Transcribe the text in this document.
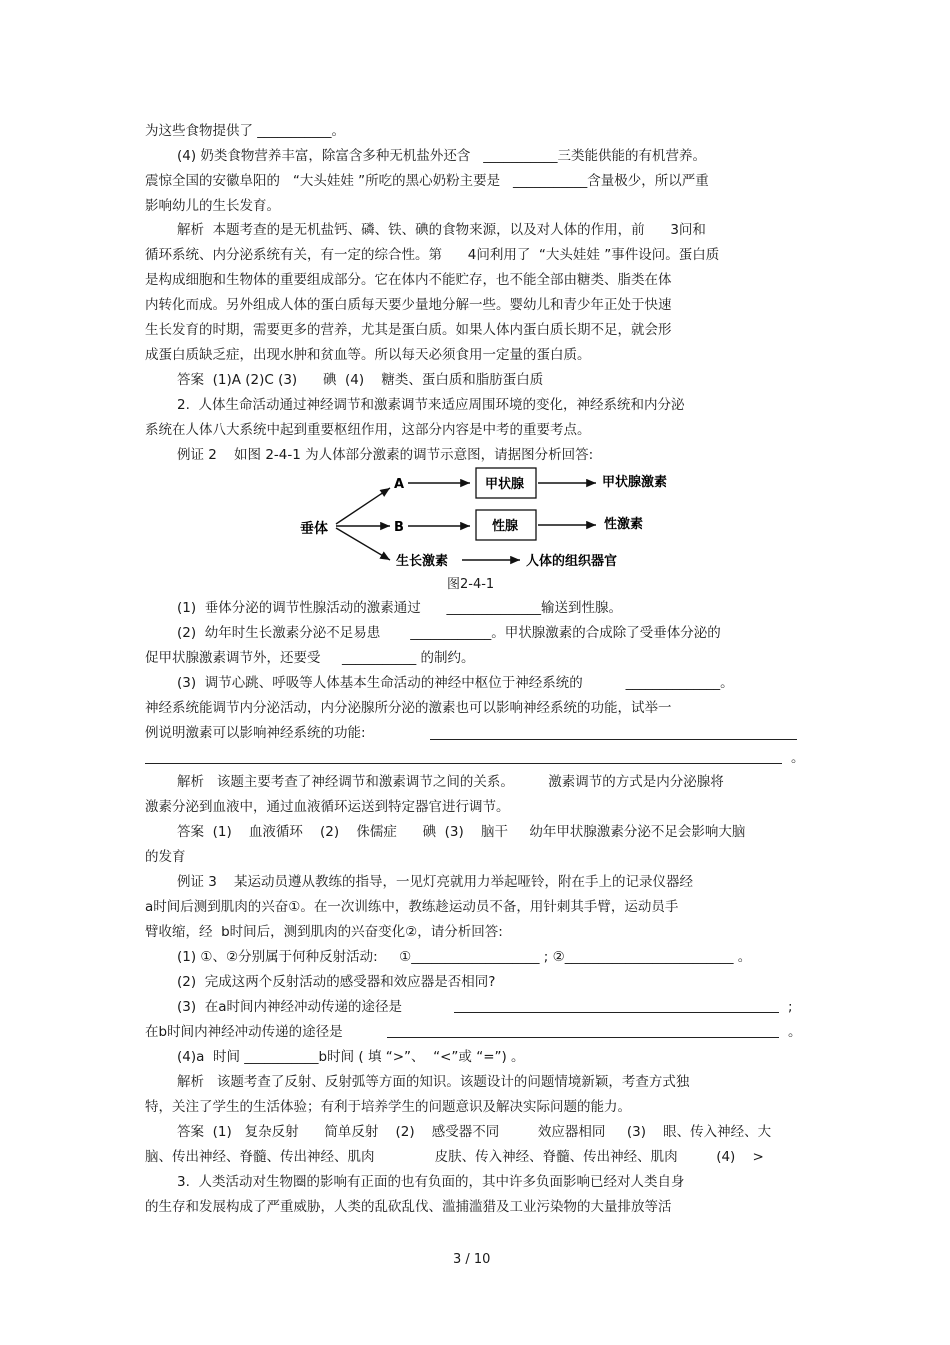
为这些食物提供了 ___________。
(4) 奶类食物营养丰富，除富含多种无机盐外还含   ___________三类能供能的有机营养。
震惊全国的安徽阜阳的   “大头娃娃 ”所吃的黑心奶粉主要是   ___________含量极少，所以严重
影响幼儿的生长发育。
解析  本题考查的是无机盐钙、磷、铁、碘的食物来源，以及对人体的作用，前      3问和
循环系统、内分泌系统有关，有一定的综合性。第      4问利用了  “大头娃娃 ”事件设问。蛋白质
是构成细胞和生物体的重要组成部分。它在体内不能贮存，也不能全部由糖类、脂类在体
内转化而成。另外组成人体的蛋白质每天要少量地分解一些。婴幼儿和青少年正处于快速
生长发育的时期，需要更多的营养，尤其是蛋白质。如果人体内蛋白质长期不足，就会形
成蛋白质缺乏症，出现水肿和贫血等。所以每天必须食用一定量的蛋白质。
答案  (1)A (2)C (3)      碘  (4)    糖类、蛋白质和脂肪蛋白质
2.  人体生命活动通过神经调节和激素调节来适应周围环境的变化，神经系统和内分泌
系统在人体八大系统中起到重要枢纽作用，这部分内容是中考的重要考点。
例证 2    如图 2-4-1 为人体部分激素的调节示意图，请据图分析回答:
垂体
A
B
甲状腺
性腺
甲状腺激素
性激素
生长激素	人体的组织器官
图2-4-1
(1)  垂体分泌的调节性腺活动的激素通过      ______________输送到性腺。
(2)  幼年时生长激素分泌不足易患       ____________。甲状腺激素的合成除了受垂体分泌的
促甲状腺激素调节外，还要受     ___________ 的制约。
(3)  调节心跳、呼吸等人体基本生命活动的神经中枢位于神经系统的          ______________。
神经系统能调节内分泌活动，内分泌腺所分泌的激素也可以影响神经系统的功能，试举一
例说明激素可以影响神经系统的功能:
。
解析   该题主要考查了神经调节和激素调节之间的关系。        激素调节的方式是内分泌腺将
激素分泌到血液中，通过血液循环运送到特定器官进行调节。
答案  (1)    血液循环    (2)    侏儒症      碘  (3)    脑干     幼年甲状腺激素分泌不足会影响大脑
的发育
例证 3    某运动员遵从教练的指导，一见灯亮就用力举起哑铃，附在手上的记录仪器经
a时间后测到肌肉的兴奋①。在一次训练中，教练趁运动员不备，用针刺其手臂，运动员手
臂收缩，经  b时间后，测到肌肉的兴奋变化②，请分析回答:
(1) ①、②分别属于何种反射活动:     ①___________________ ; ②_________________________ 。
(2)  完成这两个反射活动的感受器和效应器是否相同?
(3)  在a时间内神经冲动传递的途径是	;
在b时间内神经冲动传递的途径是	。
(4)a  时间 ___________b时间 ( 填 “>”、  “<”或 “=”) 。
解析   该题考查了反射、反射弧等方面的知识。该题设计的问题情境新颖，考查方式独
特，关注了学生的生活体验；有利于培养学生的问题意识及解决实际问题的能力。
答案  (1)   复杂反射      简单反射    (2)    感受器不同         效应器相同     (3)    眼、传入神经、大
脑、传出神经、脊髓、传出神经、肌肉              皮肤、传入神经、脊髓、传出神经、肌肉         (4)    >
3.  人类活动对生物圈的影响有正面的也有负面的，其中许多负面影响已经对人类自身
的生存和发展构成了严重威胁，人类的乱砍乱伐、滥捕滥猎及工业污染物的大量排放等活
3 / 10
